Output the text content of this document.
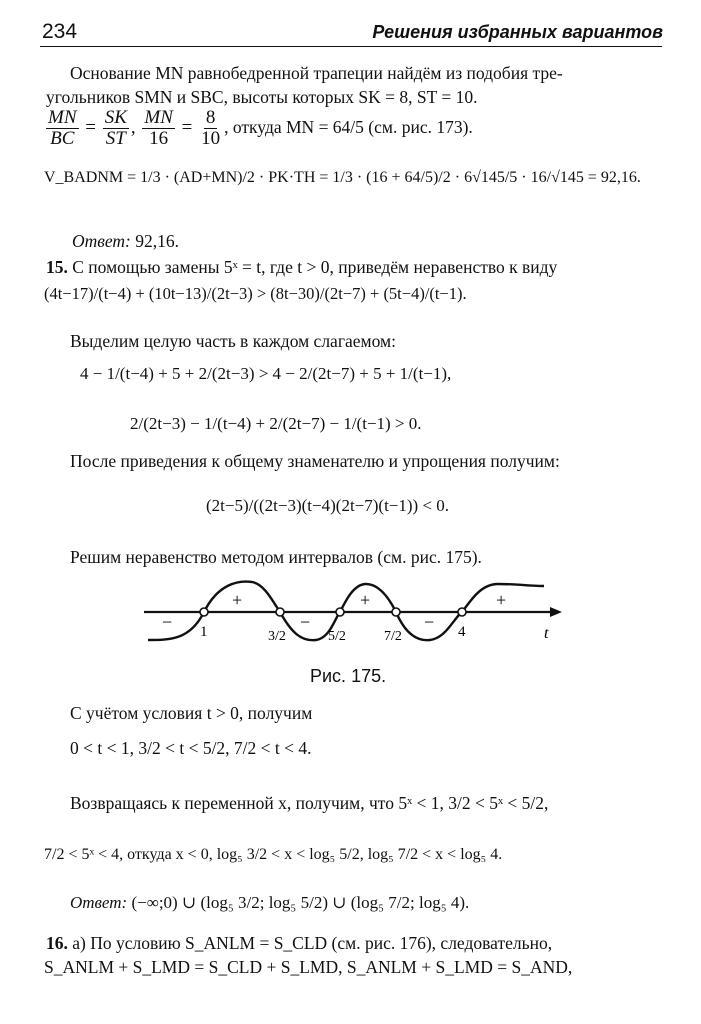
234	Решения избранных вариантов
Основание MN равнобедренной трапеции найдём из подобия тре-
угольников SMN и SBC, высоты которых SK = 8, ST = 10.
$\frac{MN}{BC} = \frac{SK}{ST}$ , $\frac{MN}{16} = \frac{8}{10}$ , откуда MN = 64/5 (см. рис. 173).
V_BADNM = 1/3 · (AD+MN)/2 · PK·TH = 1/3 · (16 + 64/5)/2 · 6√145/5 · 16/√145 = 92,16.
Ответ: 92,16.
15. С помощью замены 5ˣ = t, где t > 0, приведём неравенство к виду
(4t−17)/(t−4) + (10t−13)/(2t−3) > (8t−30)/(2t−7) + (5t−4)/(t−1).
Выделим целую часть в каждом слагаемом:
4 − 1/(t−4) + 5 + 2/(2t−3) > 4 − 2/(2t−7) + 5 + 1/(t−1),
2/(2t−3) − 1/(t−4) + 2/(2t−7) − 1/(t−1) > 0.
После приведения к общему знаменателю и упрощения получим:
(2t−5)/((2t−3)(t−4)(2t−7)(t−1)) < 0.
Решим неравенство методом интервалов (см. рис. 175).
−
+
−
+
−
+
1	3/2	5/2	7/2	4	t
Рис. 175.
С учётом условия t > 0, получим
0 < t < 1, 3/2 < t < 5/2, 7/2 < t < 4.
Возвращаясь к переменной x, получим, что 5ˣ < 1, 3/2 < 5ˣ < 5/2,
7/2 < 5ˣ < 4, откуда x < 0, log₅ 3/2 < x < log₅ 5/2, log₅ 7/2 < x < log₅ 4.
Ответ: (−∞;0) ∪ (log₅ 3/2; log₅ 5/2) ∪ (log₅ 7/2; log₅ 4).
16. а) По условию S_ANLM = S_CLD (см. рис. 176), следовательно,
S_ANLM + S_LMD = S_CLD + S_LMD, S_ANLM + S_LMD = S_AND,
